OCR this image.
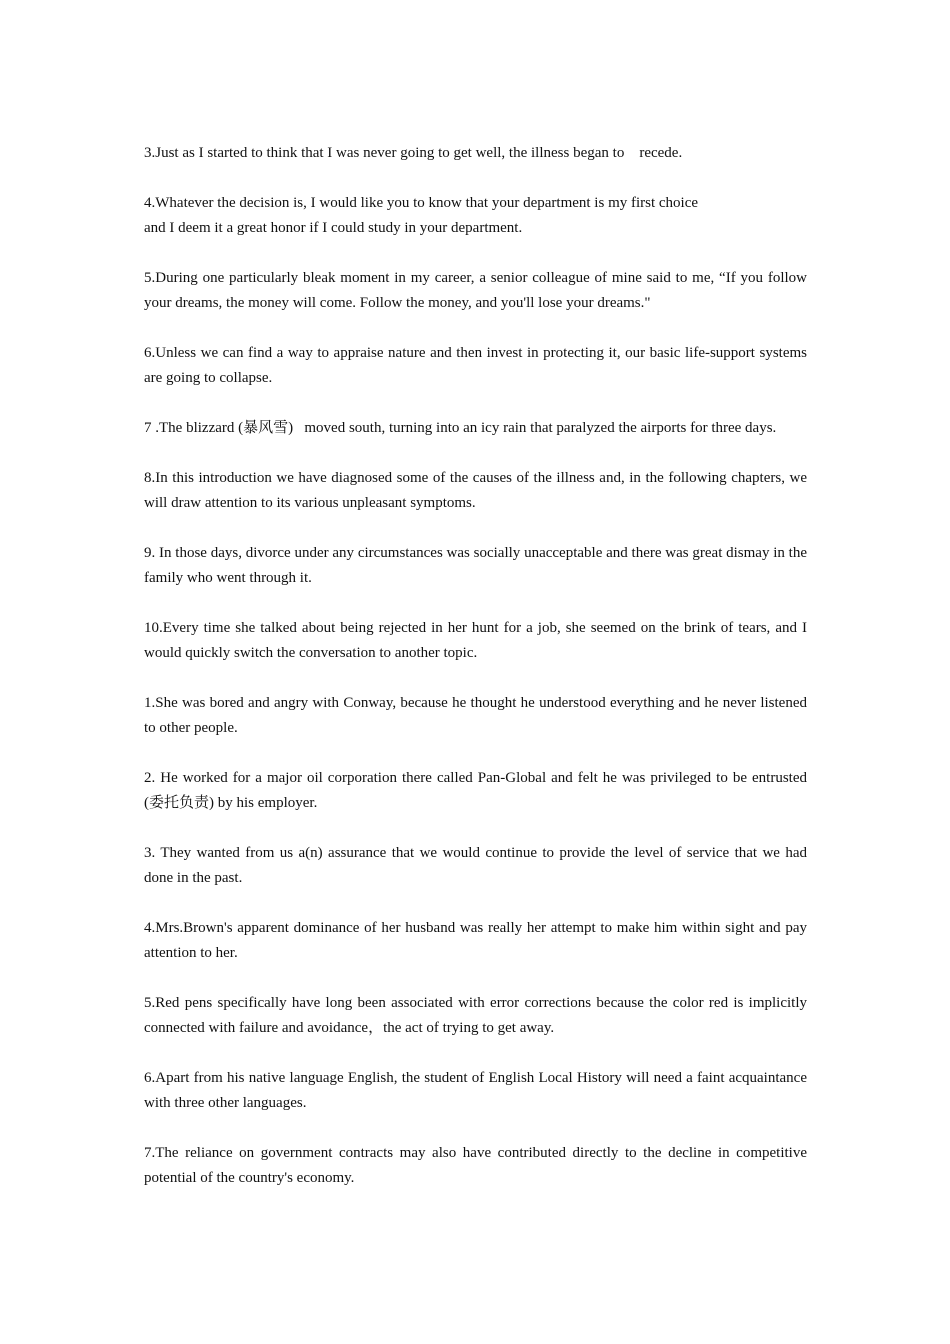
3.Just as I started to think that I was never going to get well, the illness began to    recede.

4.Whatever the decision is, I would like you to know that your department is my first choice
and I deem it a great honor if I could study in your department.

5.During one particularly bleak moment in my career, a senior colleague of mine said to me, “If you follow your dreams, the money will come. Follow the money, and you'll lose your dreams."

6.Unless we can find a way to appraise nature and then invest in protecting it, our basic life-support systems are going to collapse.

7 .The blizzard (暴风雪)   moved south, turning into an icy rain that paralyzed the airports for three days.

8.In this introduction we have diagnosed some of the causes of the illness and, in the following chapters, we will draw attention to its various unpleasant symptoms.

9. In those days, divorce under any circumstances was socially unacceptable and there was great dismay in the family who went through it.

10.Every time she talked about being rejected in her hunt for a job, she seemed on the brink of tears, and I would quickly switch the conversation to another topic.

1.She was bored and angry with Conway, because he thought he understood everything and he never listened to other people.

2. He worked for a major oil corporation there called Pan-Global and felt he was privileged to be entrusted (委托负责) by his employer.

3. They wanted from us a(n) assurance that we would continue to provide the level of service that we had done in the past.

4.Mrs.Brown's apparent dominance of her husband was really her attempt to make him within sight and pay attention to her.

5.Red pens specifically have long been associated with error corrections because the color red is implicitly connected with failure and avoidance，the act of trying to get away.

6.Apart from his native language English, the student of English Local History will need a faint acquaintance with three other languages.

7.The reliance on government contracts may also have contributed directly to the decline in competitive potential of the country's economy.
